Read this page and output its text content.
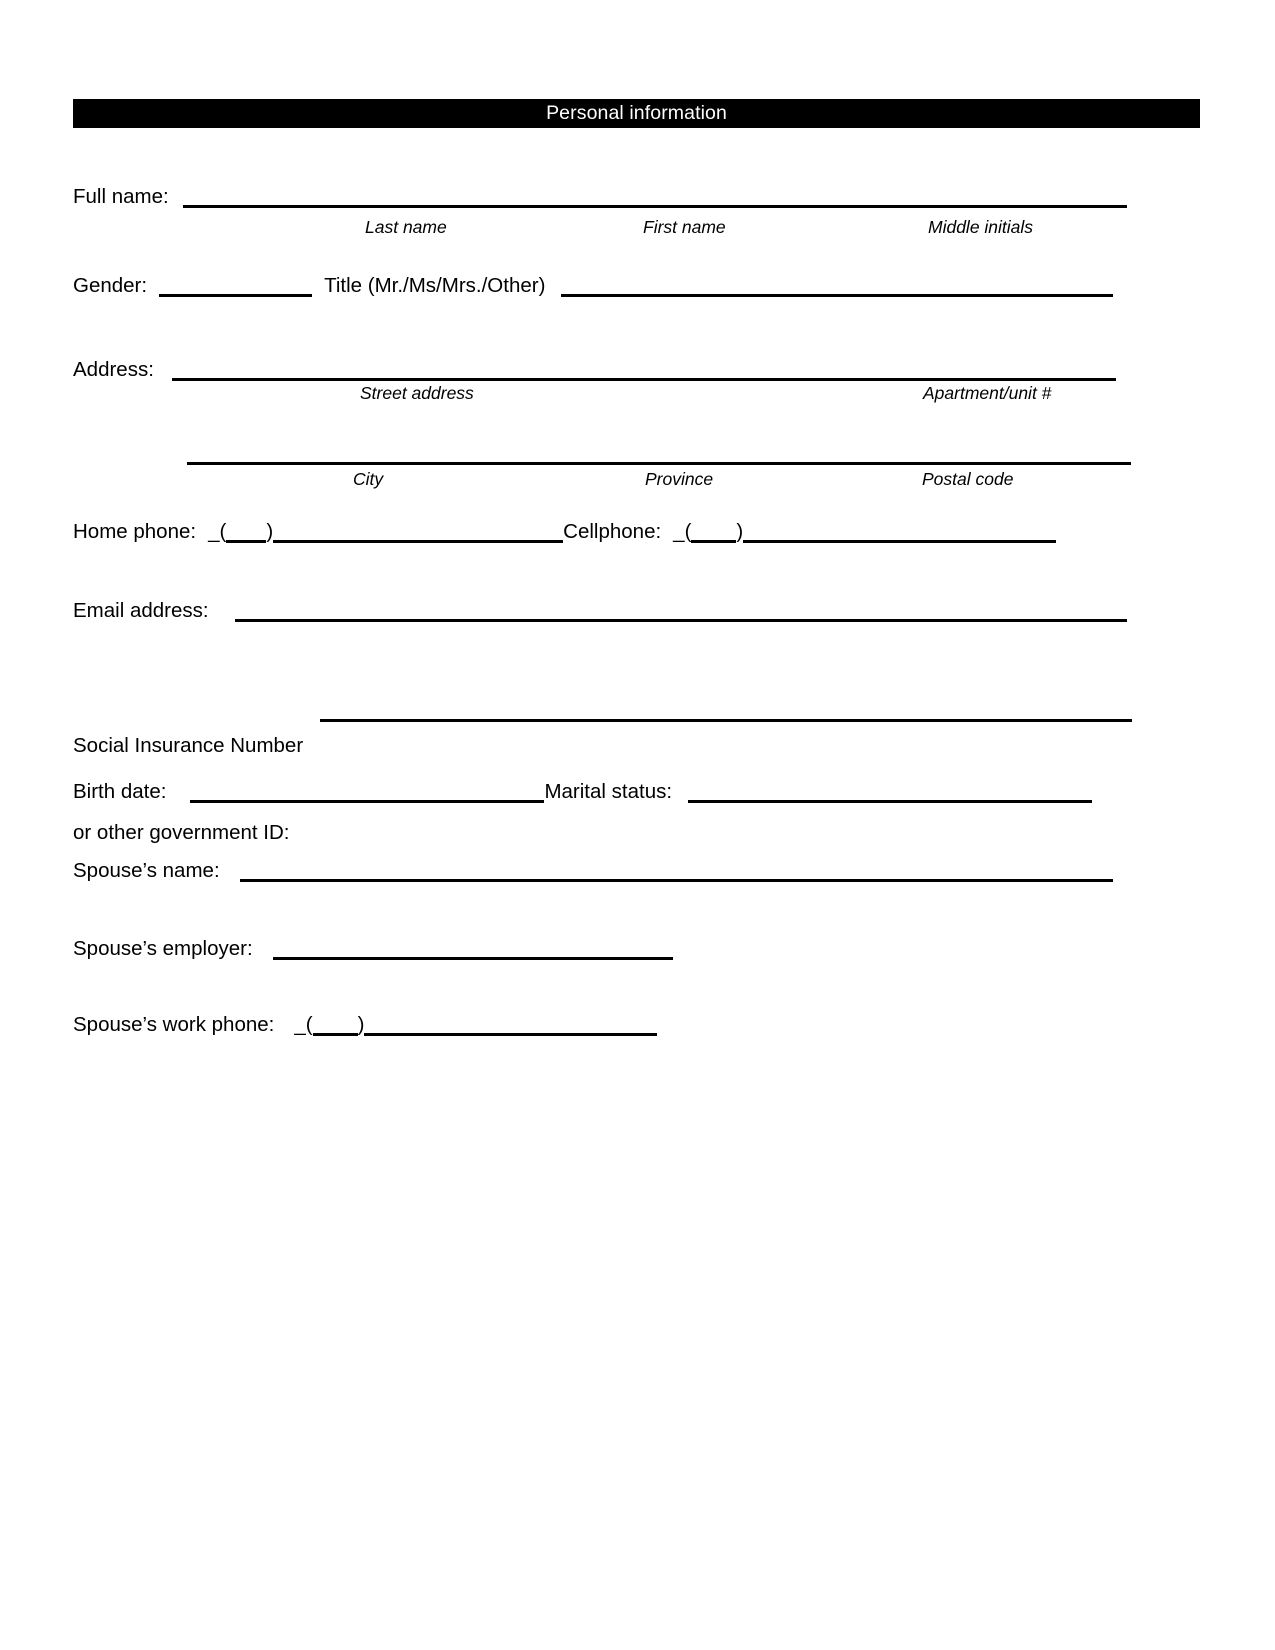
Personal information
Full name:
Last name	First name	Middle initials
Gender:	Title (Mr./Ms/Mrs./Other)
Address:
Street address	Apartment/unit #
City	Province	Postal code
Home phone: _( )	Cellphone: _( )
Email address:

Social Insurance Number

or other government ID:

Birth date:	Marital status:
Spouse’s name:
Spouse’s employer:
Spouse’s work phone: _( )
